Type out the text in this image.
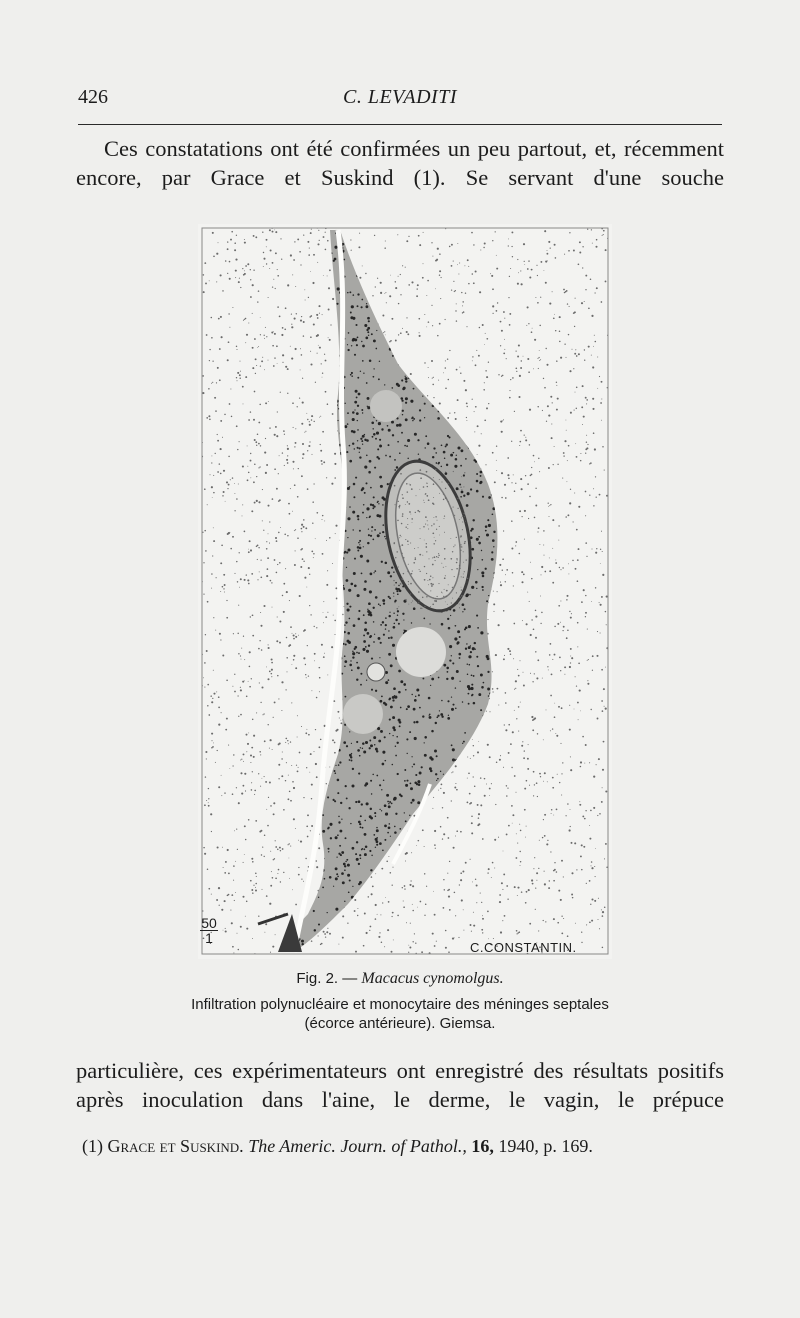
426	C. LEVADITI

Ces constatations ont été confirmées un peu partout, et, récemment encore, par Grace et Suskind (1). Se servant d'une souche

50
1
C.CONSTANTIN.
Fig. 2. — Macacus cynomolgus.
Infiltration polynucléaire et monocytaire des méninges septales
(écorce antérieure). Giemsa.

particulière, ces expérimentateurs ont enregistré des résultats positifs après inoculation dans l'aine, le derme, le vagin, le prépuce

(1) Grace et Suskind. The Americ. Journ. of Pathol., 16, 1940, p. 169.
